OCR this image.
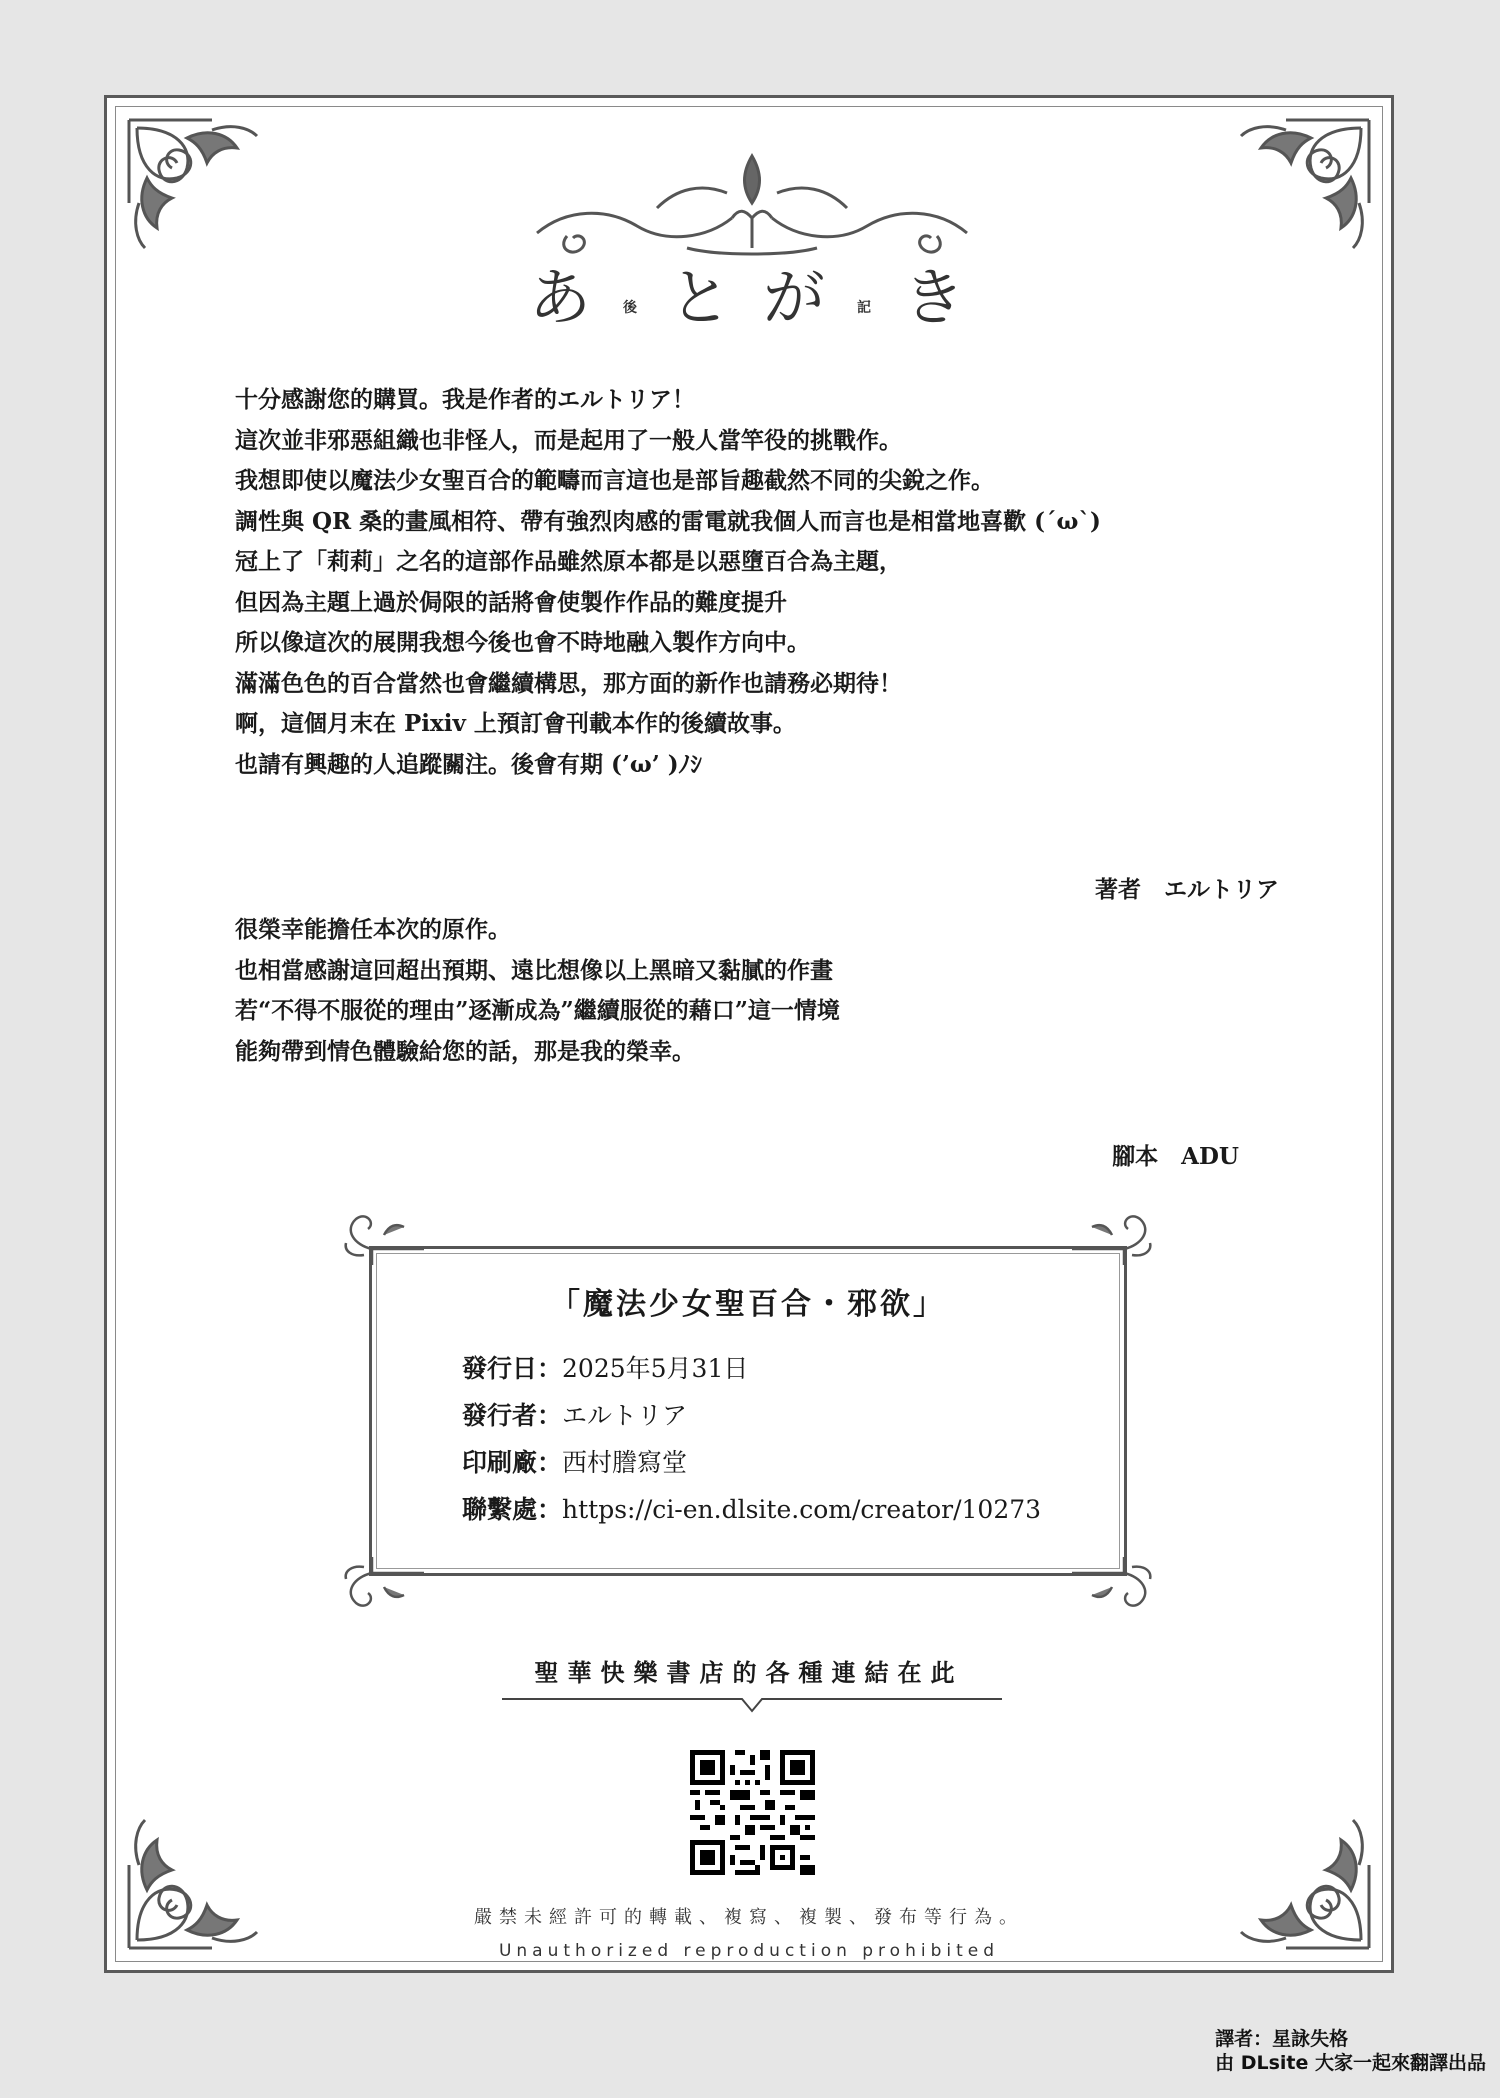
あ 後 と が 記 き

十分感謝您的購買。我是作者的エルトリア！

這次並非邪惡組織也非怪人，而是起用了一般人當竿役的挑戰作。

我想即使以魔法少女聖百合的範疇而言這也是部旨趣截然不同的尖銳之作。

調性與 QR 桑的畫風相符、帶有強烈肉感的雷電就我個人而言也是相當地喜歡 (´ω`)

冠上了「莉莉」之名的這部作品雖然原本都是以惡墮百合為主題，

但因為主題上過於侷限的話將會使製作作品的難度提升

所以像這次的展開我想今後也會不時地融入製作方向中。

滿滿色色的百合當然也會繼續構思，那方面的新作也請務必期待！

啊，這個月末在 Pixiv 上預訂會刊載本作的後續故事。

也請有興趣的人追蹤關注。後會有期 (’ω’ )ﾉｼ

著者　エルトリア

很榮幸能擔任本次的原作。

也相當感謝這回超出預期、遠比想像以上黑暗又黏膩的作畫

若“不得不服從的理由”逐漸成為”繼續服從的藉口”這一情境

能夠帶到情色體驗給您的話，那是我的榮幸。

腳本　ADU
「魔法少女聖百合・邪欲」
發行日：2025年5月31日
發行者：エルトリア
印刷廠：西村謄寫堂
聯繫處：https://ci-en.dlsite.com/creator/10273
聖華快樂書店的各種連結在此
嚴禁未經許可的轉載、複寫、複製、發布等行為。
Unauthorized reproduction prohibited
譯者：星詠失格
由 DLsite 大家一起來翻譯出品
